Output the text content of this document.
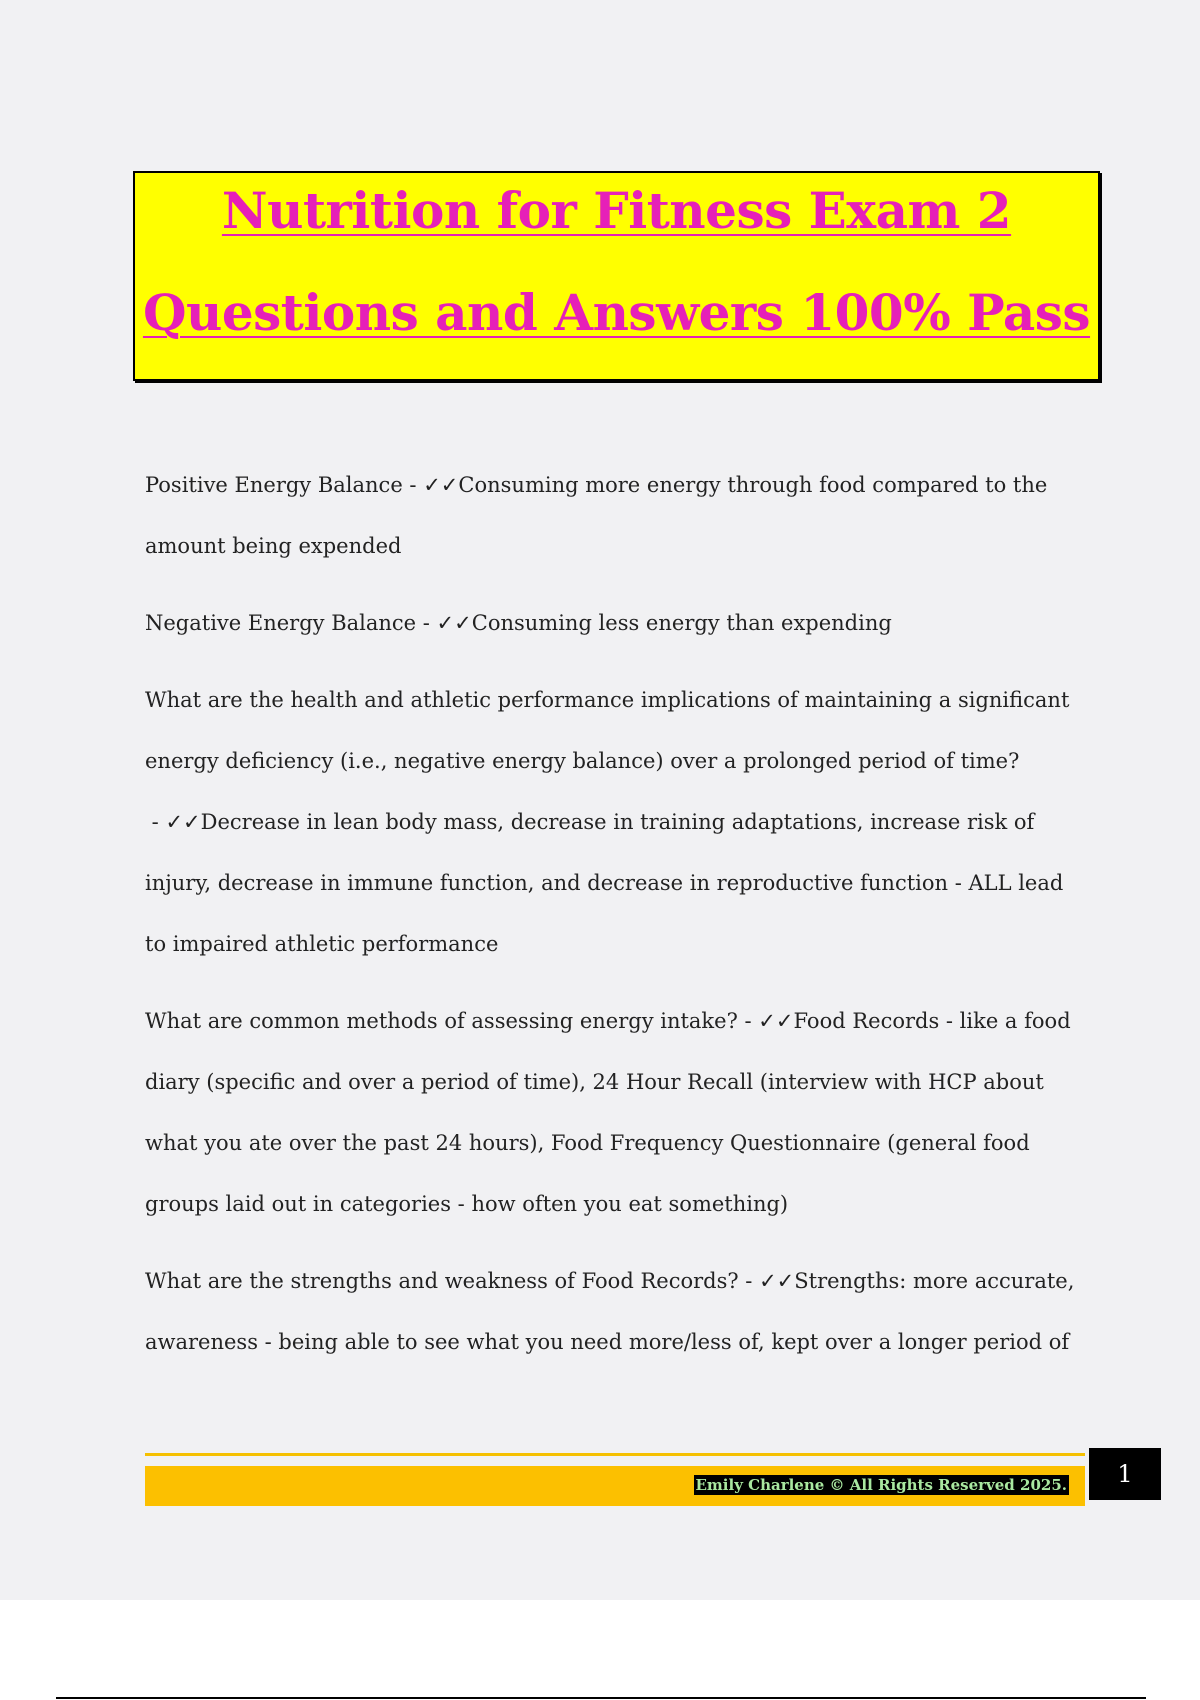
Nutrition for Fitness Exam 2
Questions and Answers 100% Pass

Positive Energy Balance - ✓✓Consuming more energy through food compared to the amount being expended

Negative Energy Balance - ✓✓Consuming less energy than expending

What are the health and athletic performance implications of maintaining a significant energy deficiency (i.e., negative energy balance) over a prolonged period of time? - ✓✓Decrease in lean body mass, decrease in training adaptations, increase risk of injury, decrease in immune function, and decrease in reproductive function - ALL lead to impaired athletic performance

What are common methods of assessing energy intake? - ✓✓Food Records - like a food diary (specific and over a period of time), 24 Hour Recall (interview with HCP about what you ate over the past 24 hours), Food Frequency Questionnaire (general food groups laid out in categories - how often you eat something)

What are the strengths and weakness of Food Records? - ✓✓Strengths: more accurate, awareness - being able to see what you need more/less of, kept over a longer period of

Emily Charlene © All Rights Reserved 2025.	1
